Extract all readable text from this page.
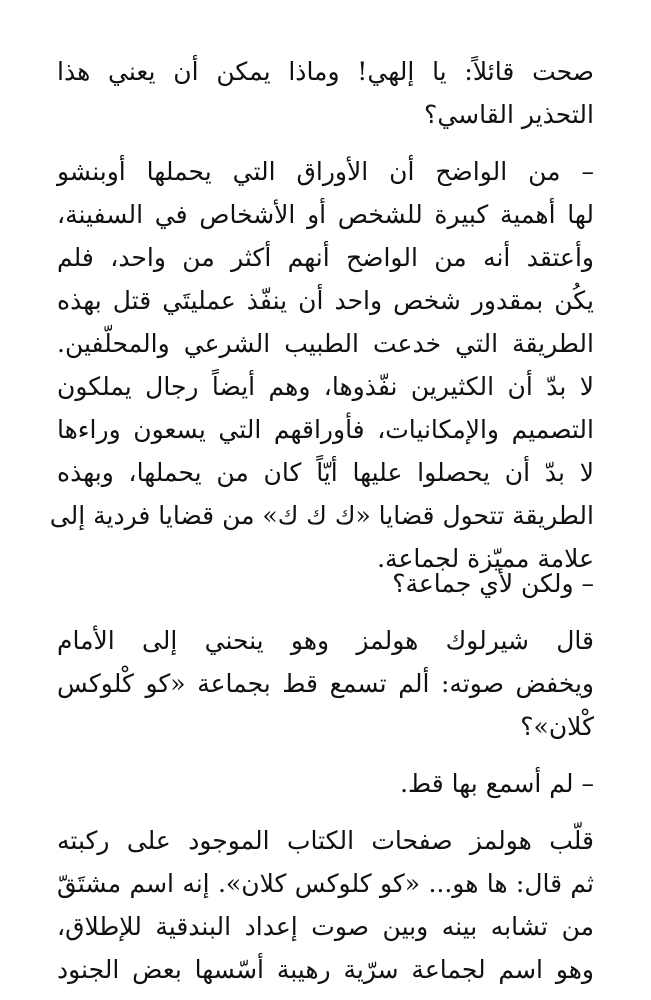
صحت قائلاً: يا إلهي! وماذا يمكن أن يعني هذا
التحذير القاسي؟
– من الواضح أن الأوراق التي يحملها أوبنشو
لها أهمية كبيرة للشخص أو الأشخاص في السفينة،
وأعتقد أنه من الواضح أنهم أكثر من واحد، فلم
يكُن بمقدور شخص واحد أن ينفّذ عمليتَي قتل بهذه
الطريقة التي خدعت الطبيب الشرعي والمحلّفين.
لا بدّ أن الكثيرين نفّذوها، وهم أيضاً رجال يملكون
التصميم والإمكانيات، فأوراقهم التي يسعون وراءها
لا بدّ أن يحصلوا عليها أيّاً كان من يحملها، وبهذه
الطريقة تتحول قضايا «ك ك ك» من قضايا فردية إلى
علامة مميّزة لجماعة.
– ولكن لأي جماعة؟
قال شيرلوك هولمز وهو ينحني إلى الأمام
ويخفض صوته: ألم تسمع قط بجماعة «كو كْلوكس
كْلان»؟
– لم أسمع بها قط.
قلّب هولمز صفحات الكتاب الموجود على ركبته
ثم قال: ها هو... «كو كلوكس كلان». إنه اسم مشتَقّ
من تشابه بينه وبين صوت إعداد البندقية للإطلاق،
وهو اسم لجماعة سرّية رهيبة أسّسها بعض الجنود
